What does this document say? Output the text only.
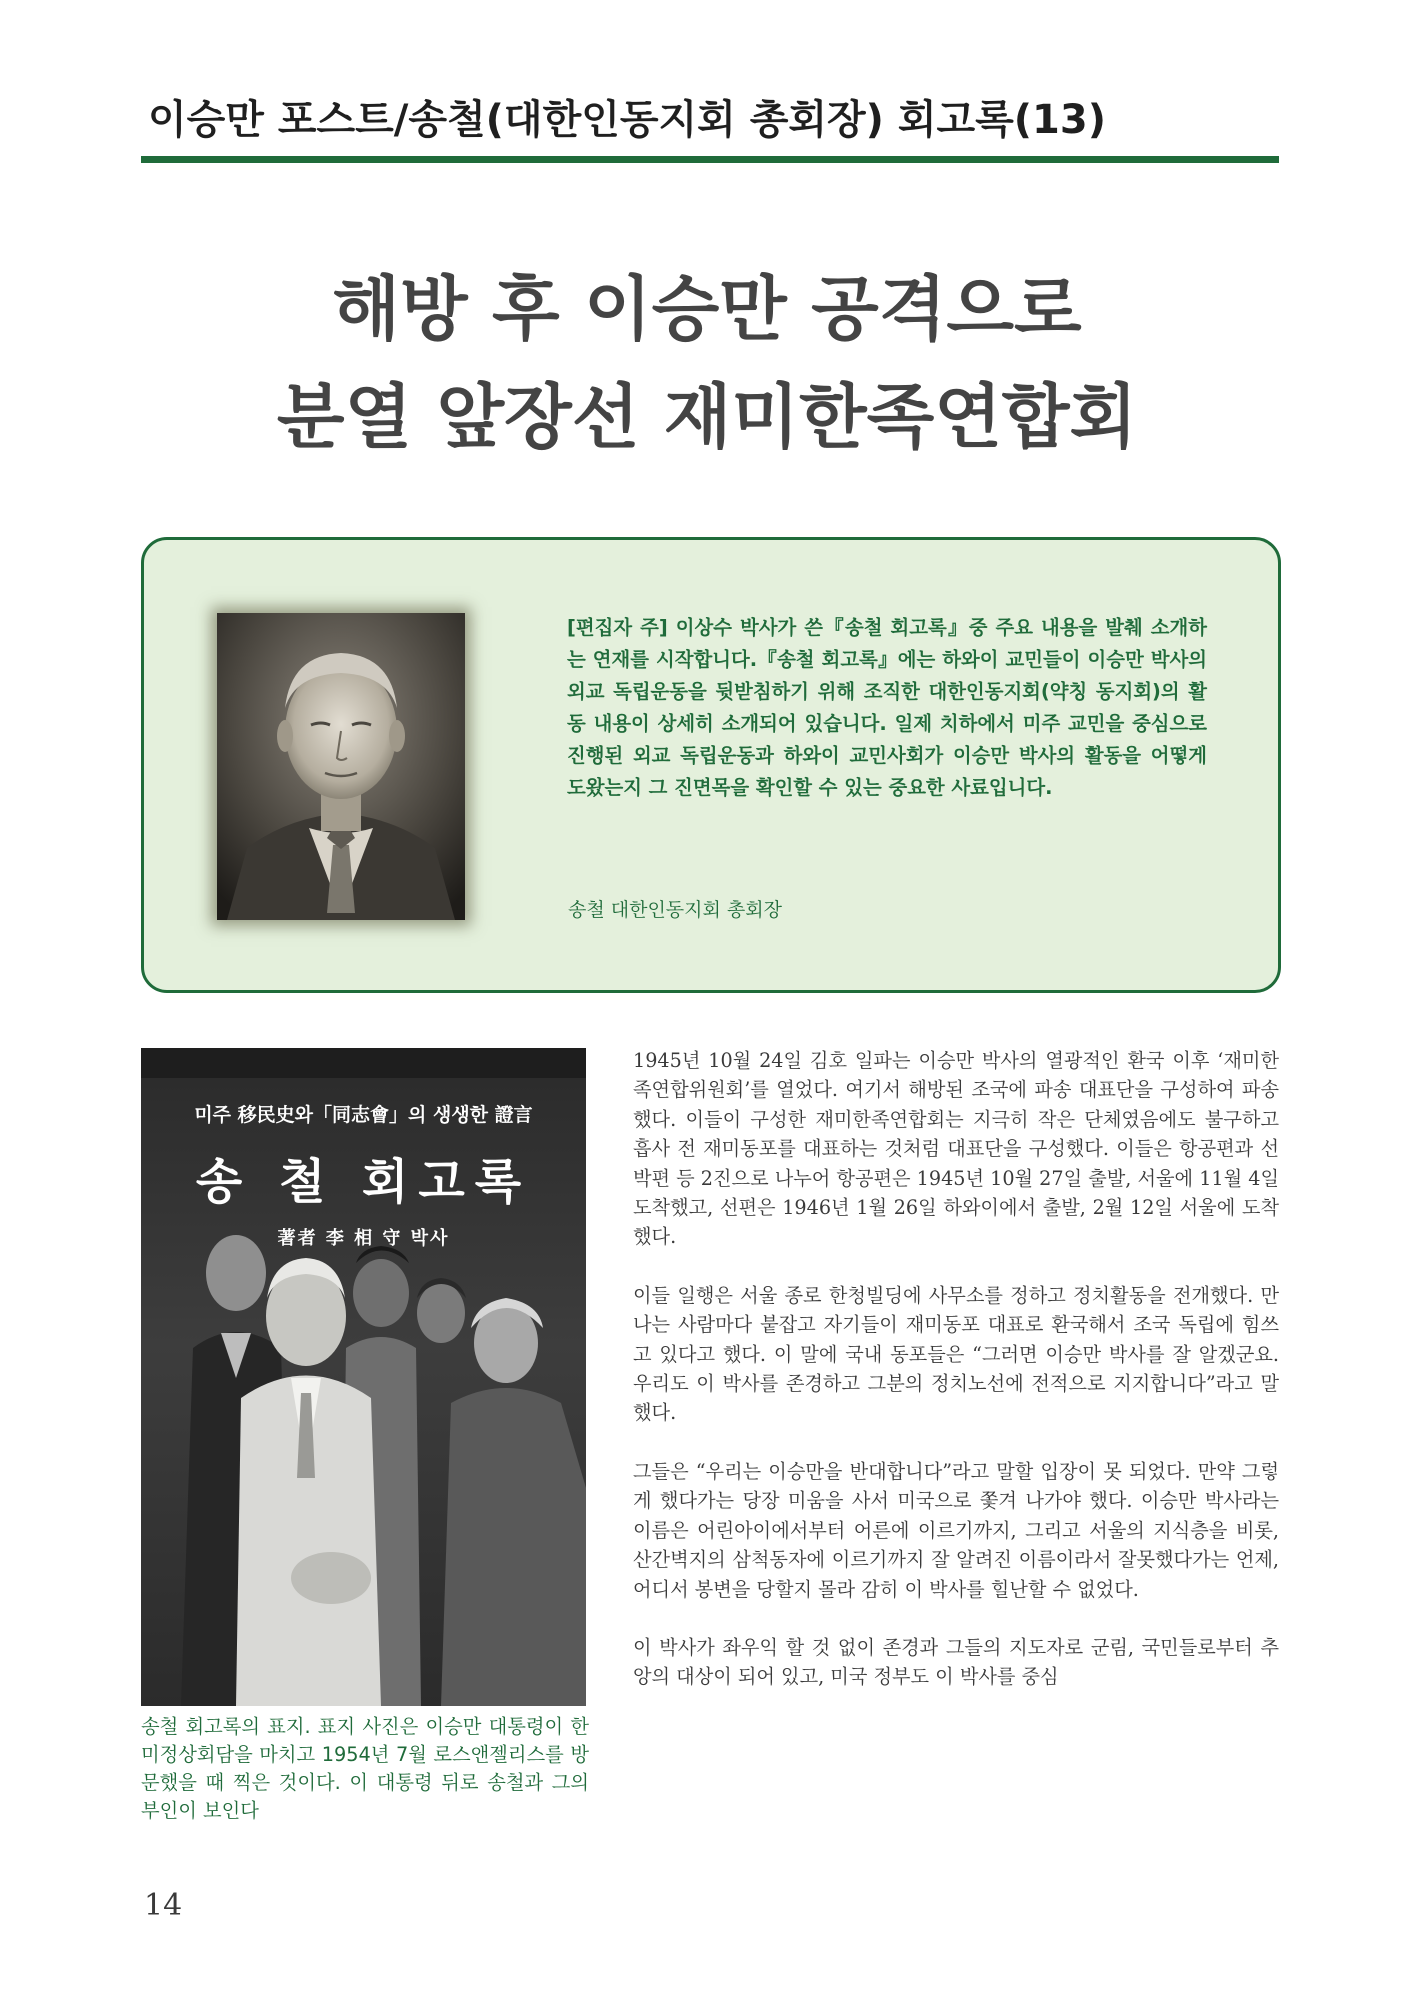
이승만 포스트/송철(대한인동지회 총회장) 회고록(13)
해방 후 이승만 공격으로
분열 앞장선 재미한족연합회
[편집자 주] 이상수 박사가 쓴『송철 회고록』중 주요 내용을 발췌 소개하는 연재를 시작합니다.『송철 회고록』에는 하와이 교민들이 이승만 박사의 외교 독립운동을 뒷받침하기 위해 조직한 대한인동지회(약칭 동지회)의 활동 내용이 상세히 소개되어 있습니다. 일제 치하에서 미주 교민을 중심으로 진행된 외교 독립운동과 하와이 교민사회가 이승만 박사의 활동을 어떻게 도왔는지 그 진면목을 확인할 수 있는 중요한 사료입니다.
송철 대한인동지회 총회장
미주 移民史와「同志會」의 생생한 證言
송 철 회고록
著者 李 相 守 박사
송철 회고록의 표지. 표지 사진은 이승만 대통령이 한미정상회담을 마치고 1954년 7월 로스앤젤리스를 방문했을 때 찍은 것이다. 이 대통령 뒤로 송철과 그의 부인이 보인다

1945년 10월 24일 김호 일파는 이승만 박사의 열광적인 환국 이후 ‘재미한족연합위원회’를 열었다. 여기서 해방된 조국에 파송 대표단을 구성하여 파송했다. 이들이 구성한 재미한족연합회는 지극히 작은 단체였음에도 불구하고 흡사 전 재미동포를 대표하는 것처럼 대표단을 구성했다. 이들은 항공편과 선박편 등 2진으로 나누어 항공편은 1945년 10월 27일 출발, 서울에 11월 4일 도착했고, 선편은 1946년 1월 26일 하와이에서 출발, 2월 12일 서울에 도착했다.

이들 일행은 서울 종로 한청빌딩에 사무소를 정하고 정치활동을 전개했다. 만나는 사람마다 붙잡고 자기들이 재미동포 대표로 환국해서 조국 독립에 힘쓰고 있다고 했다. 이 말에 국내 동포들은 “그러면 이승만 박사를 잘 알겠군요. 우리도 이 박사를 존경하고 그분의 정치노선에 전적으로 지지합니다”라고 말했다.

그들은 “우리는 이승만을 반대합니다”라고 말할 입장이 못 되었다. 만약 그렇게 했다가는 당장 미움을 사서 미국으로 쫓겨 나가야 했다. 이승만 박사라는 이름은 어린아이에서부터 어른에 이르기까지, 그리고 서울의 지식층을 비롯, 산간벽지의 삼척동자에 이르기까지 잘 알려진 이름이라서 잘못했다가는 언제, 어디서 봉변을 당할지 몰라 감히 이 박사를 힐난할 수 없었다.

이 박사가 좌우익 할 것 없이 존경과 그들의 지도자로 군림, 국민들로부터 추앙의 대상이 되어 있고, 미국 정부도 이 박사를 중심

14
